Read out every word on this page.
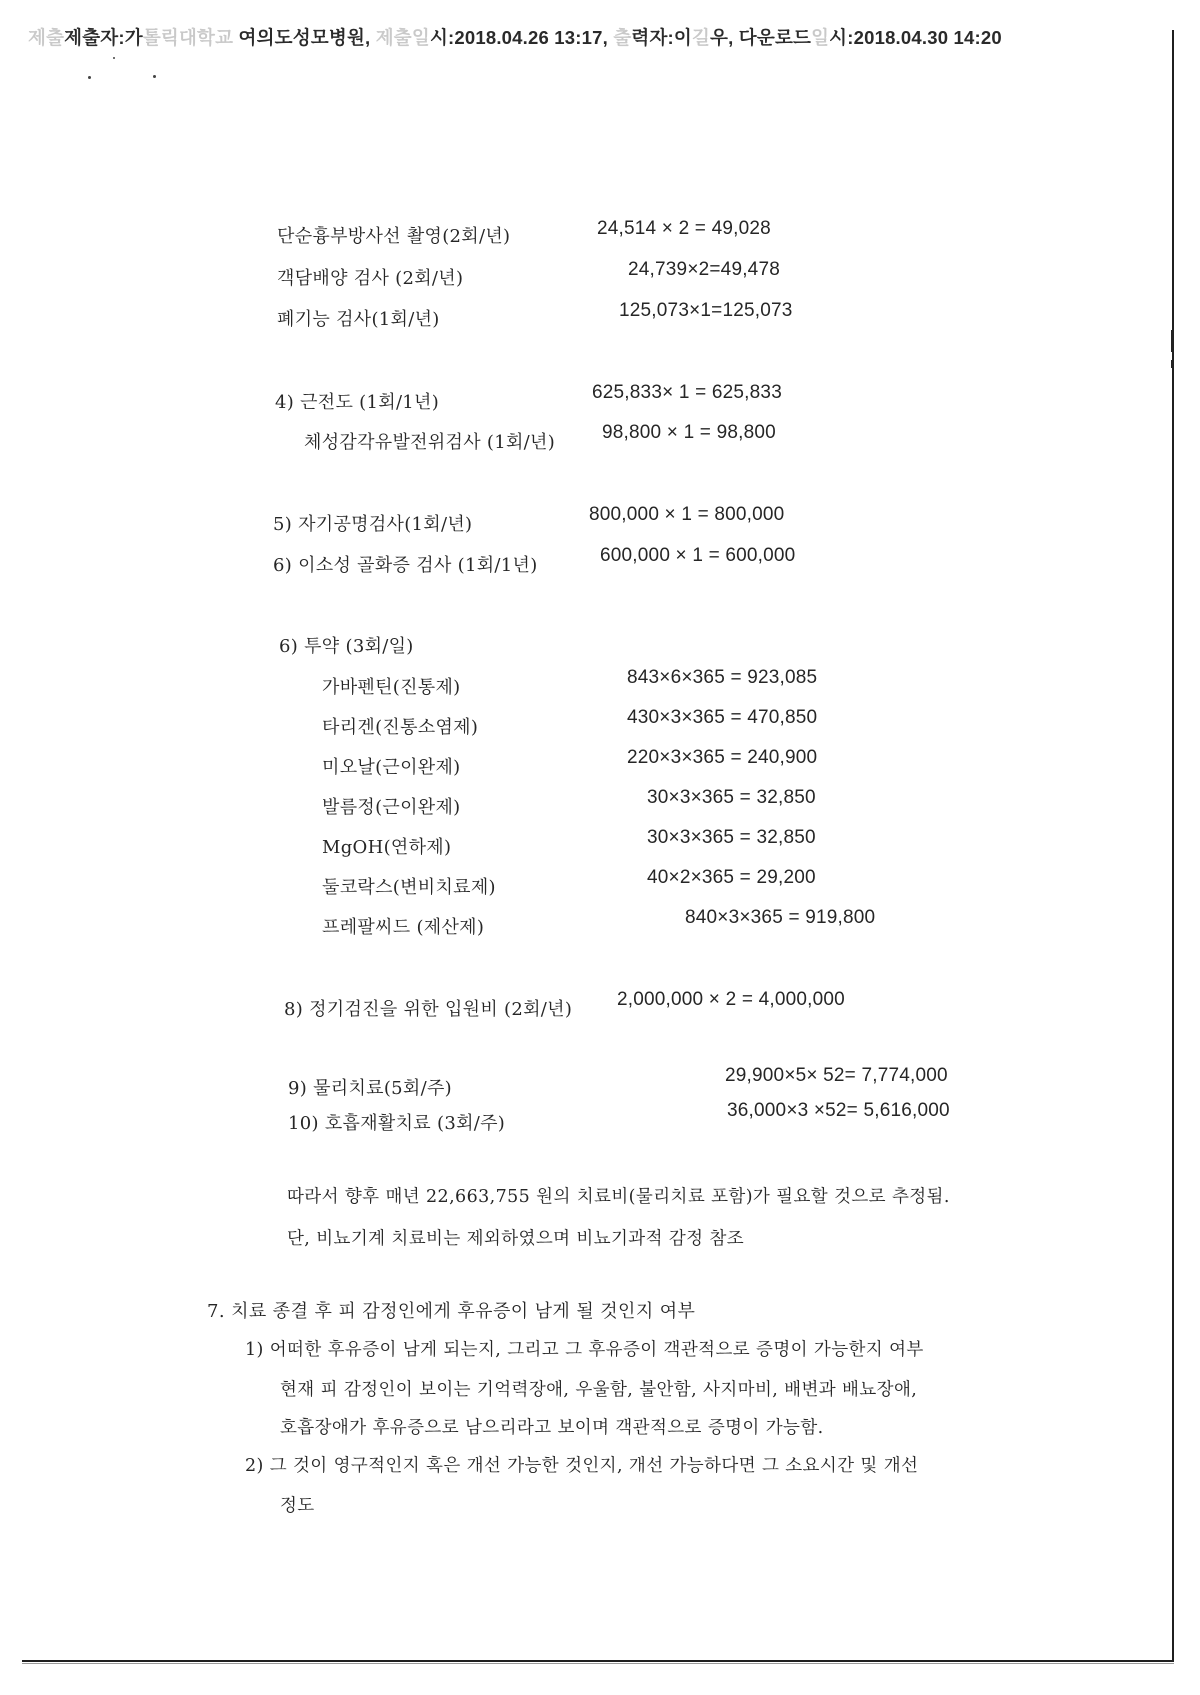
제출제출자:가톨릭대학교 여의도성모병원, 제출일시:2018.04.26 13:17, 출력자:이길우, 다운로드일시:2018.04.30 14:20
단순흉부방사선 촬영(2회/년)	24,514 × 2 = 49,028
객담배양 검사 (2회/년)	24,739×2=49,478
폐기능 검사(1회/년)	125,073×1=125,073
4) 근전도 (1회/1년)	625,833× 1 = 625,833
체성감각유발전위검사 (1회/년) 98,800 × 1 = 98,800
5) 자기공명검사(1회/년)	800,000 × 1 = 800,000
6) 이소성 골화증 검사 (1회/1년)	600,000 × 1 = 600,000
6) 투약 (3회/일)
가바펜틴(진통제)	843×6×365 = 923,085
타리겐(진통소염제)	430×3×365 = 470,850
미오날(근이완제)	220×3×365 = 240,900
발름정(근이완제)	30×3×365 = 32,850
MgOH(연하제)	30×3×365 = 32,850
둘코락스(변비치료제)	40×2×365 = 29,200
프레팔씨드 (제산제)	840×3×365 = 919,800
8) 정기검진을 위한 입원비 (2회/년) 2,000,000 × 2 = 4,000,000
9) 물리치료(5회/주)
29,900×5× 52= 7,774,000
10) 호흡재활치료 (3회/주)
36,000×3 ×52= 5,616,000
따라서 향후 매년 22,663,755 원의 치료비(물리치료 포함)가 필요할 것으로 추정됨.
단, 비뇨기계 치료비는 제외하였으며 비뇨기과적 감정 참조
7. 치료 종결 후 피 감정인에게 후유증이 남게 될 것인지 여부
1) 어떠한 후유증이 남게 되는지, 그리고 그 후유증이 객관적으로 증명이 가능한지 여부
현재 피 감정인이 보이는 기억력장애, 우울함, 불안함, 사지마비, 배변과 배뇨장애,
호흡장애가 후유증으로 남으리라고 보이며 객관적으로 증명이 가능함.
2) 그 것이 영구적인지 혹은 개선 가능한 것인지, 개선 가능하다면 그 소요시간 및 개선
정도
